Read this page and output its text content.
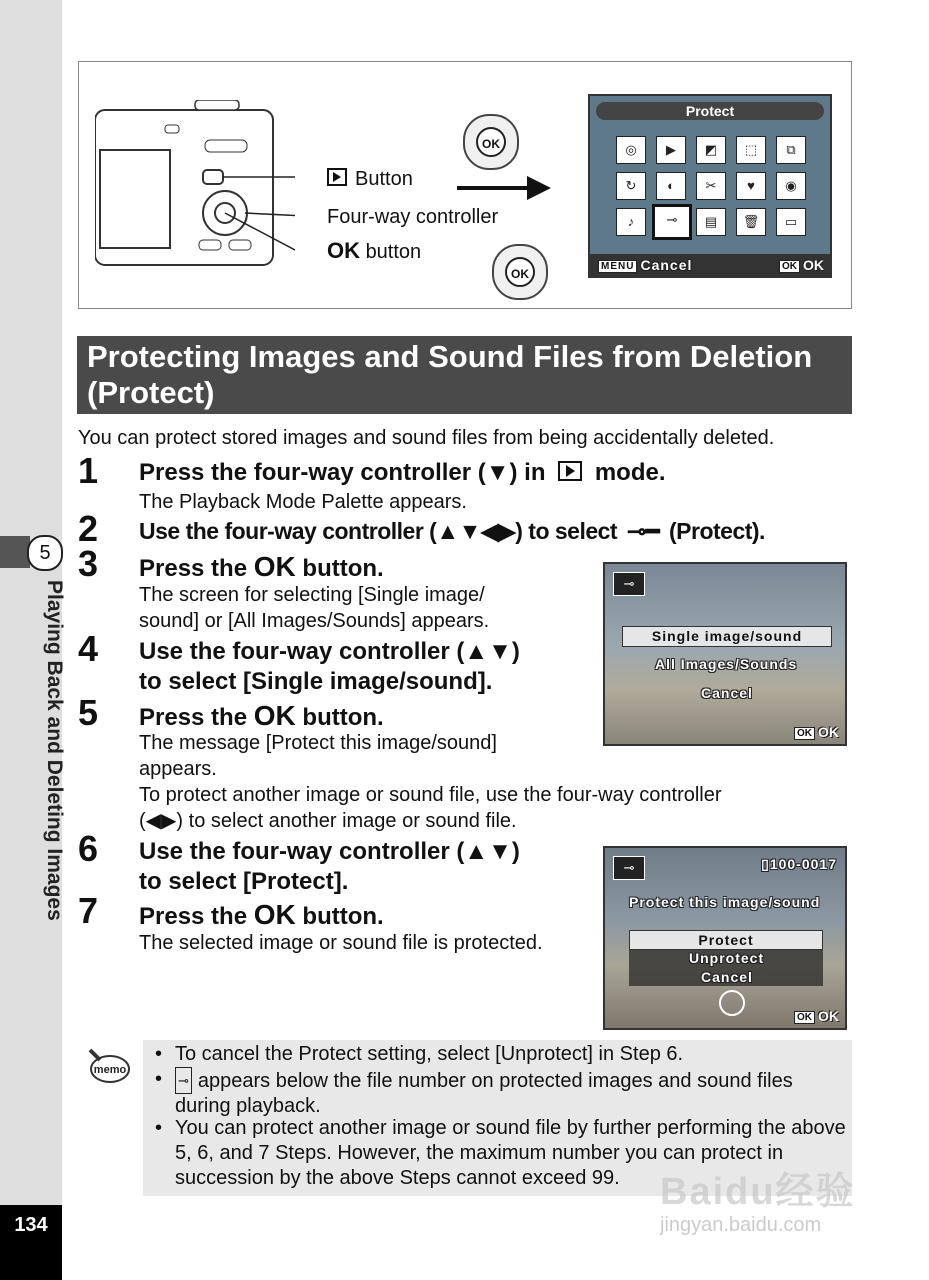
5
Playing Back and Deleting Images
134
Button
Four-way controller
OK button
OK
OK
Protect
◎	▶	◩	⬚	⧉
↻	◐	✂	♥	◉
♪	⊸	▤	🗑	▭
MENU Cancel	OK OK
Protecting Images and Sound Files from Deletion
(Protect)
You can protect stored images and sound files from being accidentally deleted.
1 Press the four-way controller (▼) in mode.
The Playback Mode Palette appears.
2 Use the four-way controller (▲▼◀▶) to select ⊸━ (Protect).
3 Press the OK button.
The screen for selecting [Single image/
sound] or [All Images/Sounds] appears.
4 Use the four-way controller (▲▼)
to select [Single image/sound].
5 Press the OK button.
The message [Protect this image/sound]
appears.
To protect another image or sound file, use the four-way controller
(◀▶) to select another image or sound file.
6 Use the four-way controller (▲▼)
to select [Protect].
7 Press the OK button.
The selected image or sound file is protected.
⊸
Single image/sound
All Images/Sounds
Cancel
OK OK
⊸	▯100-0017
Protect this image/sound
Protect
Unprotect
Cancel
OK OK
memo
• To cancel the Protect setting, select [Unprotect] in Step 6.
• ⊸ appears below the file number on protected images and sound files during playback.
• You can protect another image or sound file by further performing the above 5, 6, and 7 Steps. However, the maximum number you can protect in succession by the above Steps cannot exceed 99.	Baidu经验
jingyan.baidu.com
